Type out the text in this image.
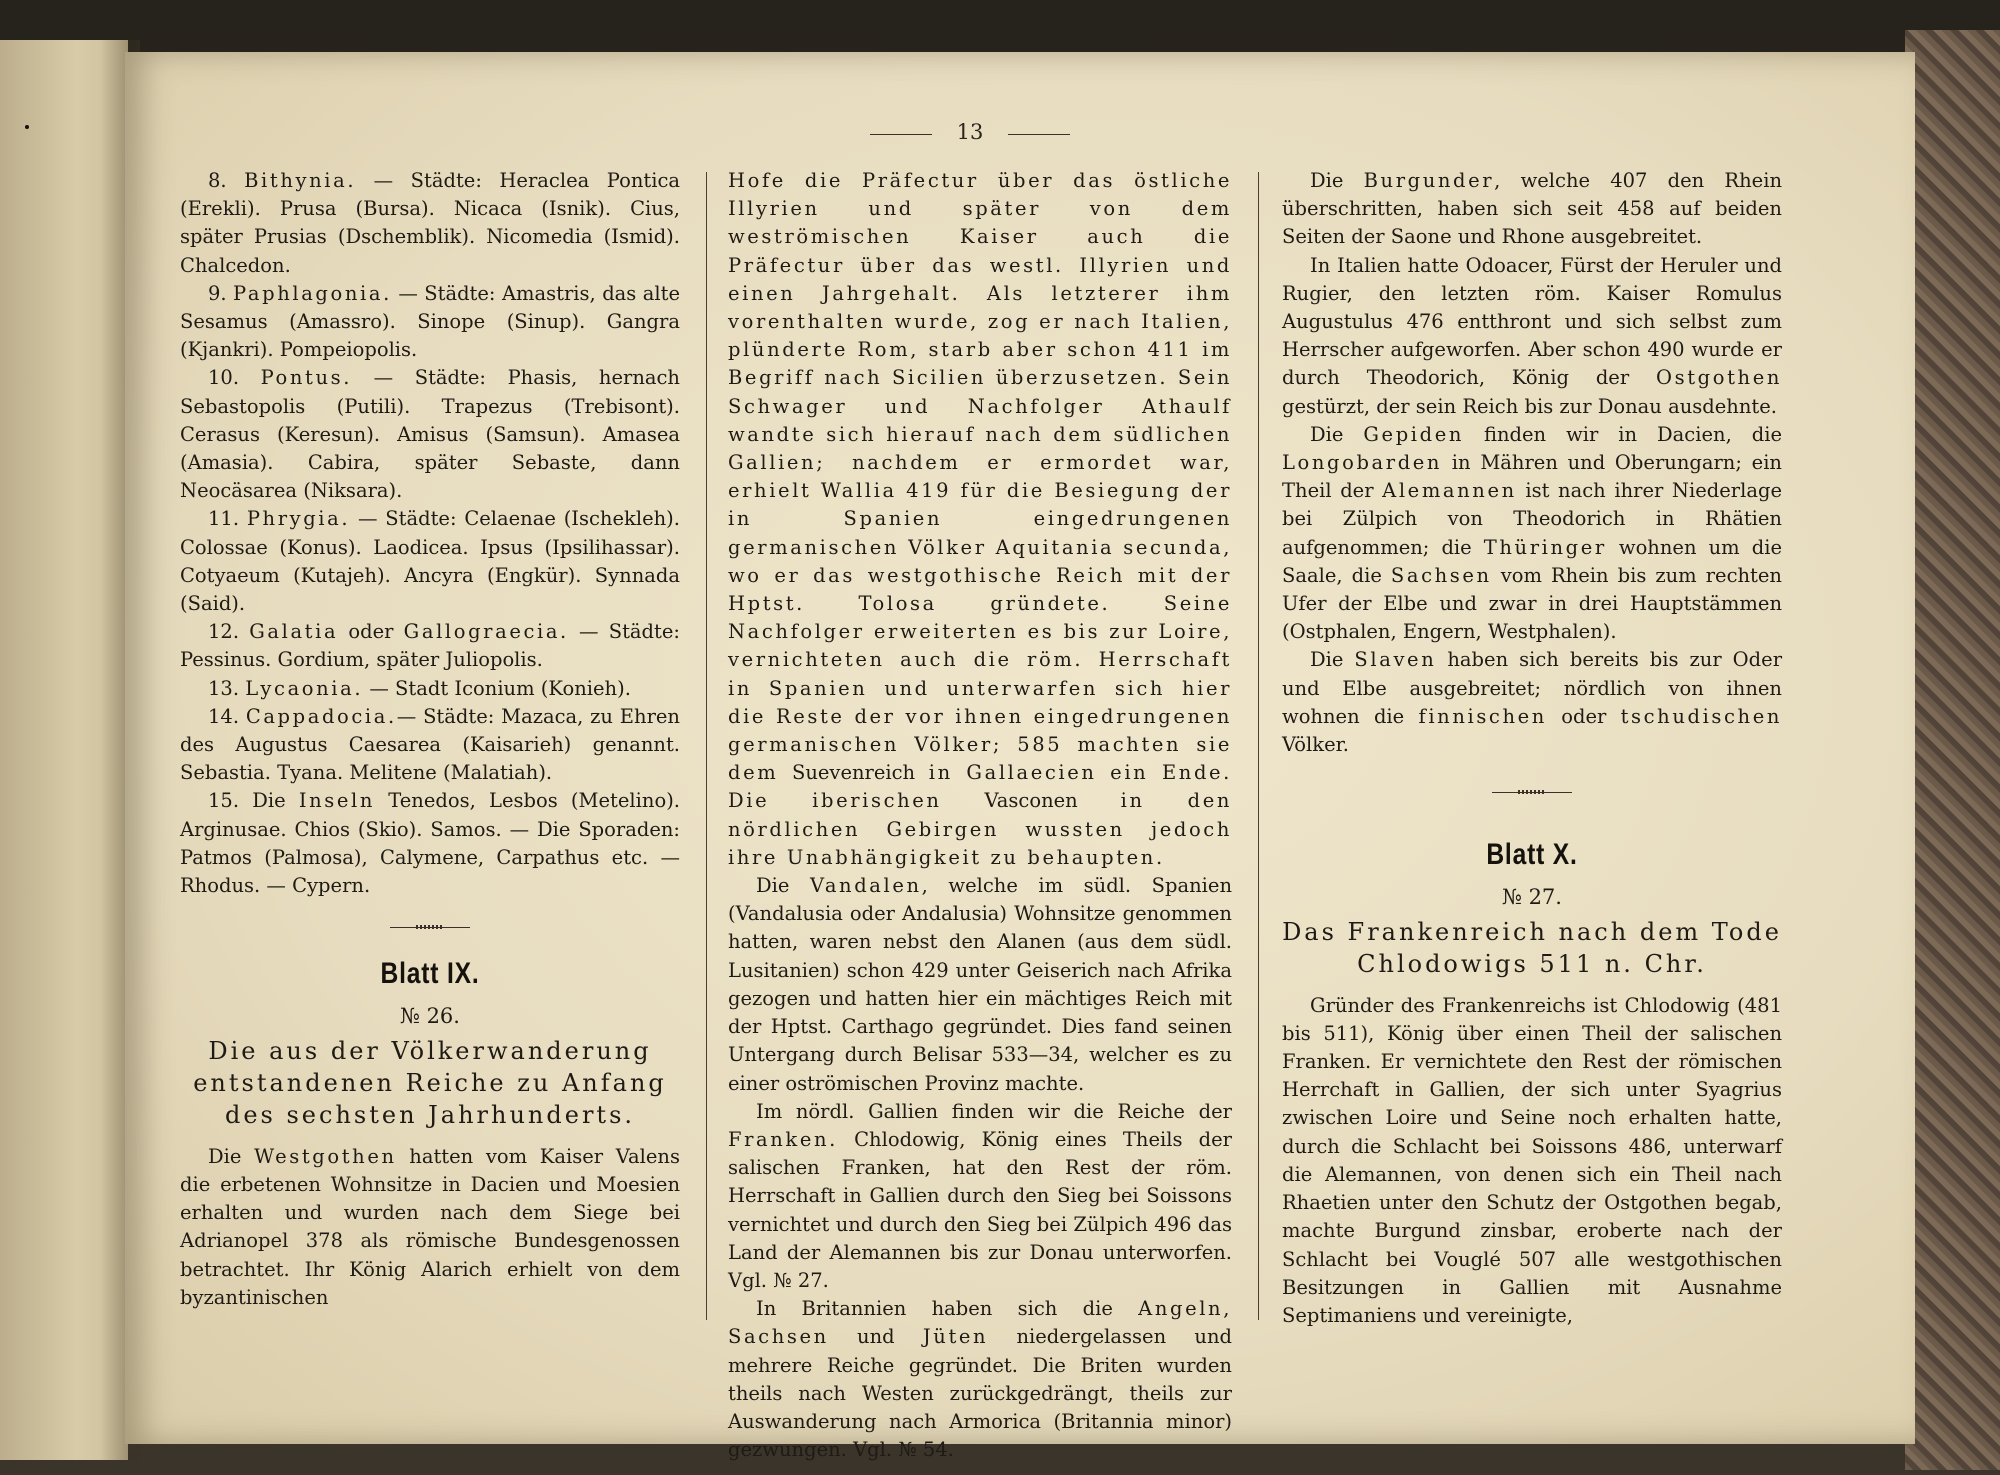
13

8. Bithynia. — Städte: Heraclea Pontica (Erekli). Prusa (Bursa). Nicaca (Isnik). Cius, später Prusias (Dschemblik). Nicomedia (Ismid). Chalcedon.

9. Paphlagonia. — Städte: Amastris, das alte Sesamus (Amassro). Sinope (Sinup). Gangra (Kjankri). Pompeiopolis.

10. Pontus. — Städte: Phasis, hernach Sebastopolis (Putili). Trapezus (Trebisont). Cerasus (Keresun). Amisus (Samsun). Amasea (Amasia). Cabira, später Sebaste, dann Neocäsarea (Niksara).

11. Phrygia. — Städte: Celaenae (Ischekleh). Colossae (Konus). Laodicea. Ipsus (Ipsilihassar). Cotyaeum (Kutajeh). Ancyra (Engkür). Synnada (Said).

12. Galatia oder Gallograecia. — Städte: Pessinus. Gordium, später Juliopolis.

13. Lycaonia. — Stadt Iconium (Konieh).

14. Cappadocia.— Städte: Mazaca, zu Ehren des Augustus Caesarea (Kaisarieh) genannt. Sebastia. Tyana. Melitene (Malatiah).

15. Die Inseln Tenedos, Lesbos (Metelino). Arginusae. Chios (Skio). Samos. — Die Sporaden: Patmos (Palmosa), Calymene, Carpathus etc. — Rhodus. — Cypern.

Blatt IX.
№ 26.
Die aus der Völkerwanderung entstandenen Reiche zu Anfang des sechsten Jahrhunderts.

Die Westgothen hatten vom Kaiser Valens die erbetenen Wohnsitze in Dacien und Moesien erhalten und wurden nach dem Siege bei Adrianopel 378 als römische Bundesgenossen betrachtet. Ihr König Alarich erhielt von dem byzantinischen

Hofe die Präfectur über das östliche Illyrien und später von dem weströmischen Kaiser auch die Präfectur über das westl. Illyrien und einen Jahrgehalt. Als letzterer ihm vorenthalten wurde, zog er nach Italien, plünderte Rom, starb aber schon 411 im Begriff nach Sicilien überzusetzen. Sein Schwager und Nachfolger Athaulf wandte sich hierauf nach dem südlichen Gallien; nachdem er ermordet war, erhielt Wallia 419 für die Besiegung der in Spanien eingedrungenen germanischen Völker Aquitania secunda, wo er das westgothische Reich mit der Hptst. Tolosa gründete. Seine Nachfolger erweiterten es bis zur Loire, vernichteten auch die röm. Herrschaft in Spanien und unterwarfen sich hier die Reste der vor ihnen eingedrungenen germanischen Völker; 585 machten sie dem Suevenreich in Gallaecien ein Ende. Die iberischen Vasconen in den nördlichen Gebirgen wussten jedoch ihre Unabhängigkeit zu behaupten.

Die Vandalen, welche im südl. Spanien (Vandalusia oder Andalusia) Wohnsitze genommen hatten, waren nebst den Alanen (aus dem südl. Lusitanien) schon 429 unter Geiserich nach Afrika gezogen und hatten hier ein mächtiges Reich mit der Hptst. Carthago gegründet. Dies fand seinen Untergang durch Belisar 533—34, welcher es zu einer oströmischen Provinz machte.

Im nördl. Gallien finden wir die Reiche der Franken. Chlodowig, König eines Theils der salischen Franken, hat den Rest der röm. Herrschaft in Gallien durch den Sieg bei Soissons vernichtet und durch den Sieg bei Zülpich 496 das Land der Alemannen bis zur Donau unterworfen. Vgl. № 27.

In Britannien haben sich die Angeln, Sachsen und Jüten niedergelassen und mehrere Reiche gegründet. Die Briten wurden theils nach Westen zurückgedrängt, theils zur Auswanderung nach Armorica (Britannia minor) gezwungen. Vgl. № 54.

Die Burgunder, welche 407 den Rhein überschritten, haben sich seit 458 auf beiden Seiten der Saone und Rhone ausgebreitet.

In Italien hatte Odoacer, Fürst der Heruler und Rugier, den letzten röm. Kaiser Romulus Augustulus 476 entthront und sich selbst zum Herrscher aufgeworfen. Aber schon 490 wurde er durch Theodorich, König der Ostgothen gestürzt, der sein Reich bis zur Donau ausdehnte.

Die Gepiden finden wir in Dacien, die Longobarden in Mähren und Oberungarn; ein Theil der Alemannen ist nach ihrer Niederlage bei Zülpich von Theodorich in Rhätien aufgenommen; die Thüringer wohnen um die Saale, die Sachsen vom Rhein bis zum rechten Ufer der Elbe und zwar in drei Hauptstämmen (Ostphalen, Engern, Westphalen).

Die Slaven haben sich bereits bis zur Oder und Elbe ausgebreitet; nördlich von ihnen wohnen die finnischen oder tschudischen Völker.

Blatt X.
№ 27.
Das Frankenreich nach dem Tode Chlodowigs 511 n. Chr.

Gründer des Frankenreichs ist Chlodowig (481 bis 511), König über einen Theil der salischen Franken. Er vernichtete den Rest der römischen Herrchaft in Gallien, der sich unter Syagrius zwischen Loire und Seine noch erhalten hatte, durch die Schlacht bei Soissons 486, unterwarf die Alemannen, von denen sich ein Theil nach Rhaetien unter den Schutz der Ostgothen begab, machte Burgund zinsbar, eroberte nach der Schlacht bei Vouglé 507 alle westgothischen Besitzungen in Gallien mit Ausnahme Septimaniens und vereinigte,
